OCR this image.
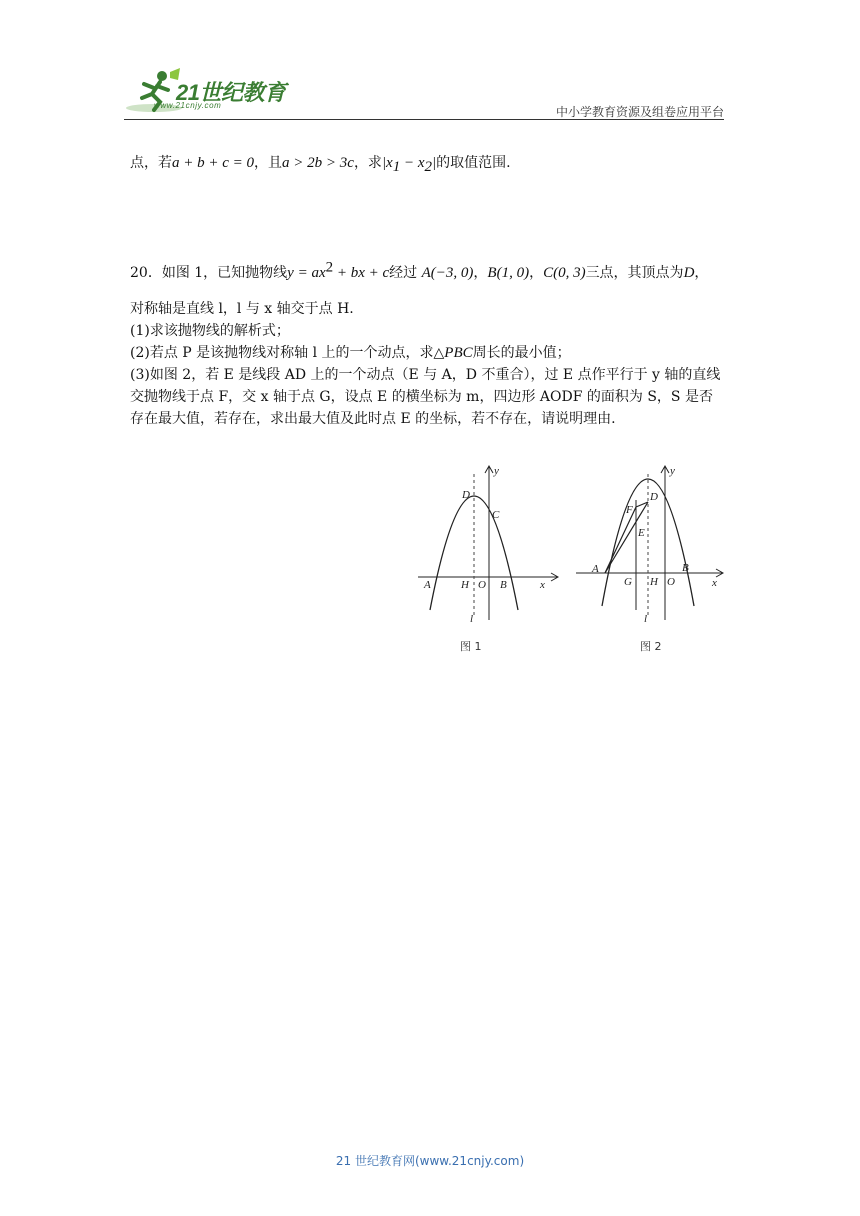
21世纪教育
www.21cnjy.com	中小学教育资源及组卷应用平台
点，若a + b + c = 0，且a > 2b > 3c，求$|x_1 - x_2|$的取值范围.
20．如图 1，已知抛物线$y = ax^2$ + bx + c经过 A(−3, 0)，B(1, 0)，C(0, 3)三点，其顶点为D，
对称轴是直线 l，l 与 x 轴交于点 H.
(1)求该抛物线的解析式；
(2)若点 P 是该抛物线对称轴 l 上的一个动点，求△PBC周长的最小值；
(3)如图 2，若 E 是线段 AD 上的一个动点（E 与 A，D 不重合），过 E 点作平行于 y 轴的直线
交抛物线于点 F，交 x 轴于点 G，设点 E 的横坐标为 m，四边形 AODF 的面积为 S，S 是否
存在最大值，若存在，求出最大值及此时点 E 的坐标，若不存在，请说明理由.
D
C
A	H O B	x
y
l
图 1
F
D
E
A
G H O
B
x
y
l
图 2
21 世纪教育网(www.21cnjy.com)
